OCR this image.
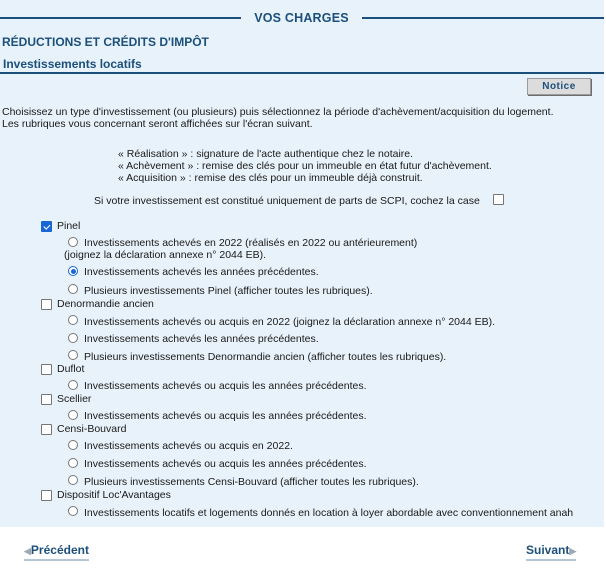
VOS CHARGES
RÉDUCTIONS ET CRÉDITS D'IMPÔT
Investissements locatifs
Notice
Choisissez un type d'investissement (ou plusieurs) puis sélectionnez la période d'achèvement/acquisition du logement.
Les rubriques vous concernant seront affichées sur l'écran suivant.
« Réalisation » : signature de l'acte authentique chez le notaire.
« Achèvement » : remise des clés pour un immeuble en état futur d'achèvement.
« Acquisition » : remise des clés pour un immeuble déjà construit.
Si votre investissement est constitué uniquement de parts de SCPI, cochez la case
Pinel
Investissements achevés en 2022 (réalisés en 2022 ou antérieurement)
(joignez la déclaration annexe n° 2044 EB).
Investissements achevés les années précédentes.
Plusieurs investissements Pinel (afficher toutes les rubriques).
Denormandie ancien
Investissements achevés ou acquis en 2022 (joignez la déclaration annexe n° 2044 EB).
Investissements achevés les années précédentes.
Plusieurs investissements Denormandie ancien (afficher toutes les rubriques).
Duflot
Investissements achevés ou acquis les années précédentes.
Scellier
Investissements achevés ou acquis les années précédentes.
Censi-Bouvard
Investissements achevés ou acquis en 2022.
Investissements achevés ou acquis les années précédentes.
Plusieurs investissements Censi-Bouvard (afficher toutes les rubriques).
Dispositif Loc'Avantages
Investissements locatifs et logements donnés en location à loyer abordable avec conventionnement anah
◀Précédent	Suivant▶
